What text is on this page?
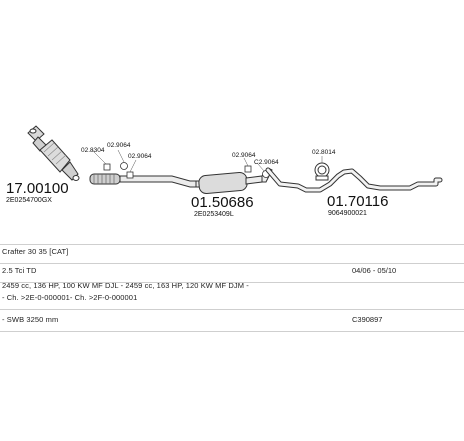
17.00100
2E0254700GX
02.8304
02.9064
02.9064	02.9064
C2.9064
01.50686
2E0253409L
02.8014
01.70116
9064900021
Crafter 30 35 [CAT]
2.5 Tci TD	04/06 - 05/10
2459 cc, 136 HP, 100 KW MF DJL - 2459 cc, 163 HP, 120 KW MF DJM -
- Ch. >2E-0-000001- Ch. >2F-0-000001
- SWB 3250 mm	C390897
